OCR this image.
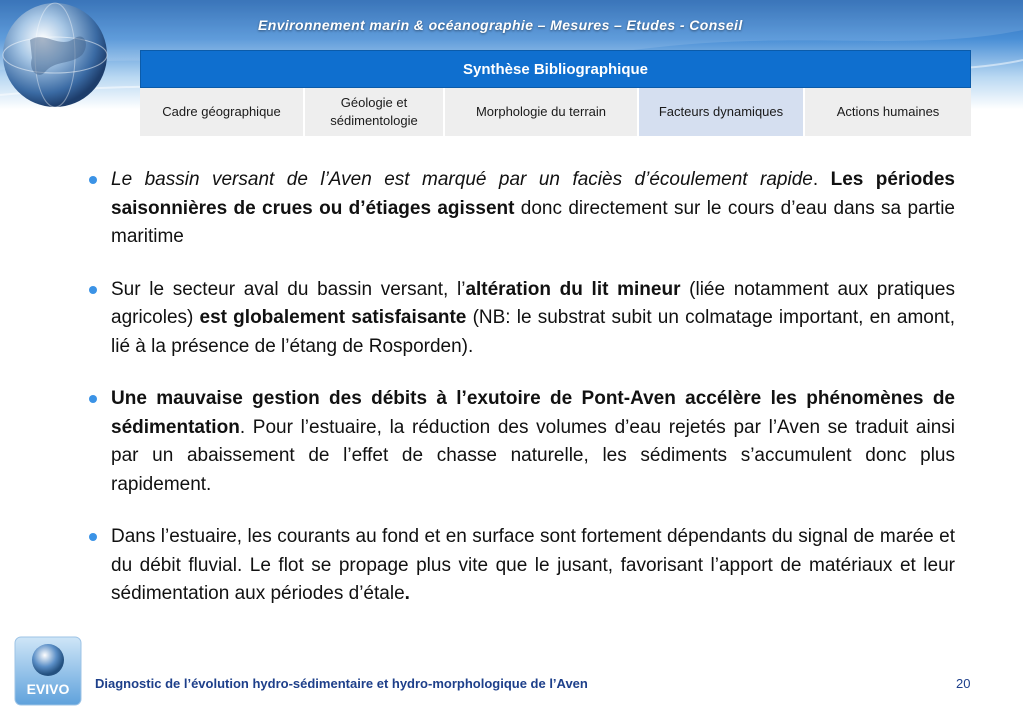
Environnement marin & océanographie – Mesures – Etudes - Conseil
Synthèse Bibliographique
Cadre géographique
Géologie et
sédimentologie
Morphologie du terrain	Facteurs dynamiques	Actions humaines
Le bassin versant de l’Aven est marqué par un faciès d’écoulement rapide. Les périodes saisonnières de crues ou d’étiages agissent donc directement sur le cours d’eau dans sa partie maritime
Sur le secteur aval du bassin versant, l’altération du lit mineur (liée notamment aux pratiques agricoles) est globalement satisfaisante (NB: le substrat subit un colmatage important, en amont, lié à la présence de l’étang de Rosporden).
Une mauvaise gestion des débits à l’exutoire de Pont-Aven accélère les phénomènes de sédimentation. Pour l’estuaire, la réduction des volumes d’eau rejetés par l’Aven se traduit ainsi par un abaissement de l’effet de chasse naturelle, les sédiments s’accumulent donc plus rapidement.
Dans l’estuaire, les courants au fond et en surface sont fortement dépendants du signal de marée et du débit fluvial. Le flot se propage plus vite que le jusant, favorisant l’apport de matériaux et leur sédimentation aux périodes d’étale.
EVIVO Diagnostic de l’évolution hydro-sédimentaire et hydro-morphologique de l’Aven	20
